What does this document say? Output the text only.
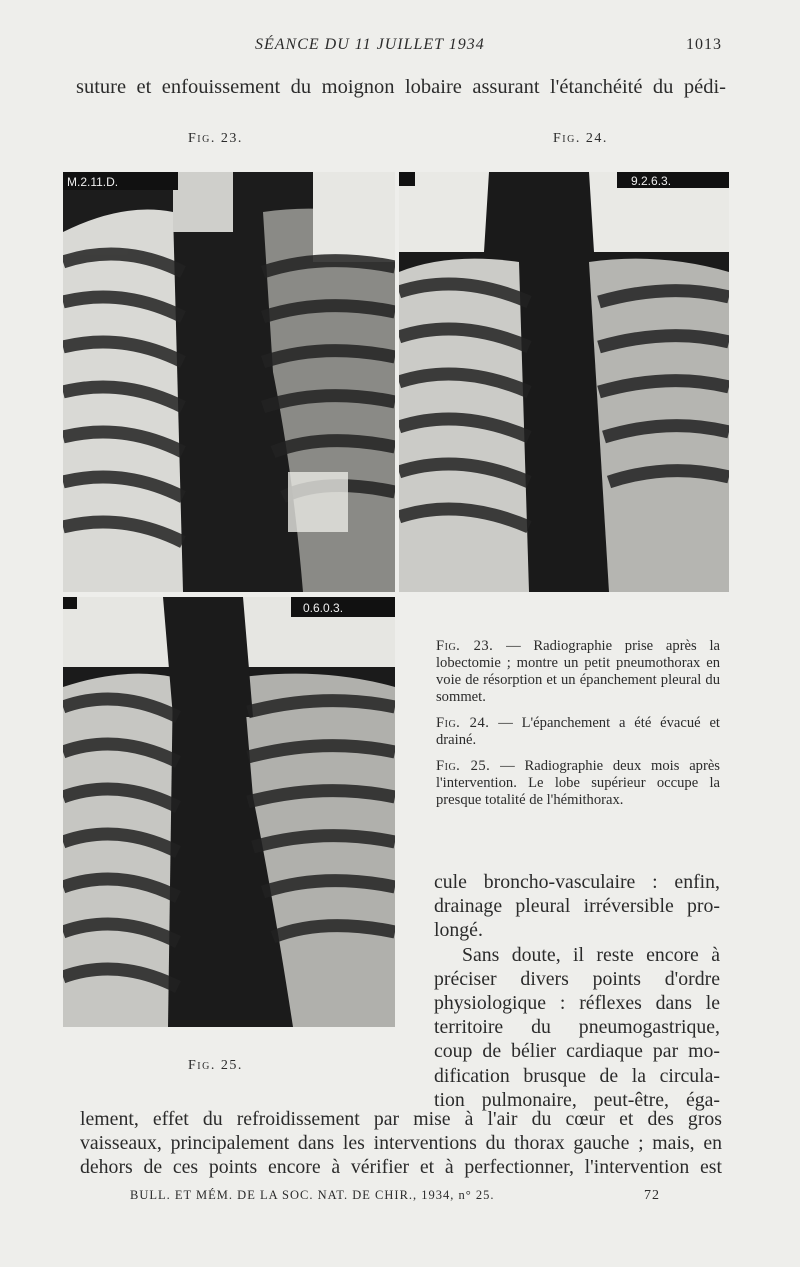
SÉANCE DU 11 JUILLET 1934	1013
suture et enfouissement du moignon lobaire assurant l'étanchéité du pédi-
Fig. 23.	Fig. 24.
M.2.11.D.	9.2.6.3.
0.6.0.3.

Fig. 23. — Radiographie prise après la lobectomie ; montre un petit pneumothorax en voie de résorption et un épanchement pleural du sommet.

Fig. 24. — L'épanchement a été évacué et drainé.

Fig. 25. — Radiographie deux mois après l'intervention. Le lobe supérieur occupe la presque totalité de l'hémithorax.

cule broncho-vasculaire : enfin,
drainage pleural irréversible pro-
longé.
Sans doute, il reste encore à
préciser divers points d'ordre
physiologique : réflexes dans le
territoire du pneumogastrique,
coup de bélier cardiaque par mo-
dification brusque de la circula-
tion pulmonaire, peut-être, éga-
Fig. 25.
lement, effet du refroidissement par mise à l'air du cœur et des gros
vaisseaux, principalement dans les interventions du thorax gauche ; mais, en
dehors de ces points encore à vérifier et à perfectionner, l'intervention est
BULL. ET MÉM. DE LA SOC. NAT. DE CHIR., 1934, n° 25.	72
